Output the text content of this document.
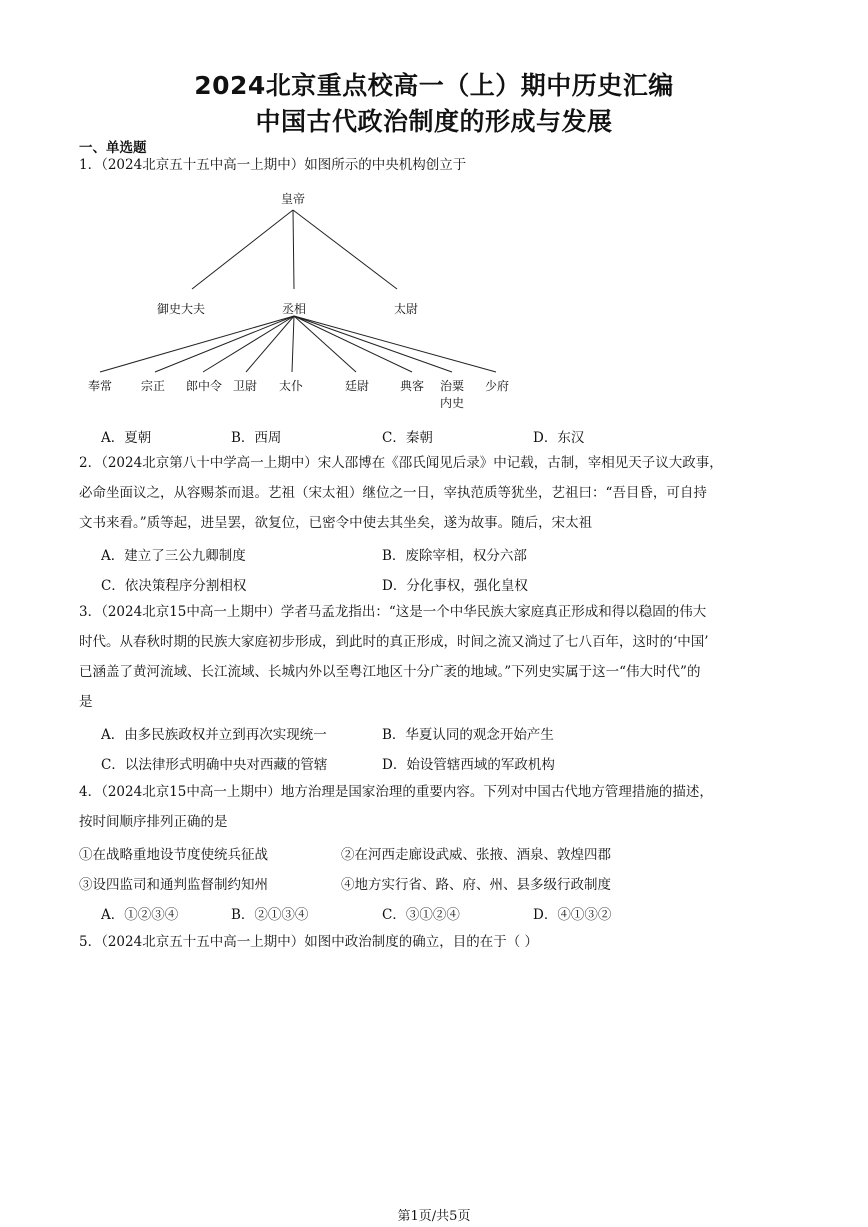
2024北京重点校高一（上）期中历史汇编
中国古代政治制度的形成与发展
一、单选题
1．（2024北京五十五中高一上期中）如图所示的中央机构创立于
皇帝
御史大夫	丞相	太尉
奉常 宗正 郎中令 卫尉 太仆	廷尉	典客 治粟
内史
少府
A．夏朝	B．西周	C．秦朝	D．东汉
2．（2024北京第八十中学高一上期中）宋人邵博在《邵氏闻见后录》中记载，古制，宰相见天子议大政事，
必命坐面议之，从容赐茶而退。艺祖（宋太祖）继位之一日，宰执范质等犹坐，艺祖曰：“吾目昏，可自持
文书来看。”质等起，进呈罢，欲复位，已密令中使去其坐矣，遂为故事。随后，宋太祖
A．建立了三公九卿制度	B．废除宰相，权分六部
C．依决策程序分割相权	D．分化事权，强化皇权
3．（2024北京15中高一上期中）学者马孟龙指出：“这是一个中华民族大家庭真正形成和得以稳固的伟大
时代。从春秋时期的民族大家庭初步形成，到此时的真正形成，时间之流又淌过了七八百年，这时的‘中国’
已涵盖了黄河流域、长江流域、长城内外以至粤江地区十分广袤的地域。”下列史实属于这一“伟大时代”的
是
A．由多民族政权并立到再次实现统一	B．华夏认同的观念开始产生
C．以法律形式明确中央对西藏的管辖	D．始设管辖西域的军政机构
4．（2024北京15中高一上期中）地方治理是国家治理的重要内容。下列对中国古代地方管理措施的描述，
按时间顺序排列正确的是
①在战略重地设节度使统兵征战	②在河西走廊设武威、张掖、酒泉、敦煌四郡
③设四监司和通判监督制约知州	④地方实行省、路、府、州、县多级行政制度
A．①②③④	B．②①③④	C．③①②④	D．④①③②
5．（2024北京五十五中高一上期中）如图中政治制度的确立，目的在于（ ）
第1页/共5页
